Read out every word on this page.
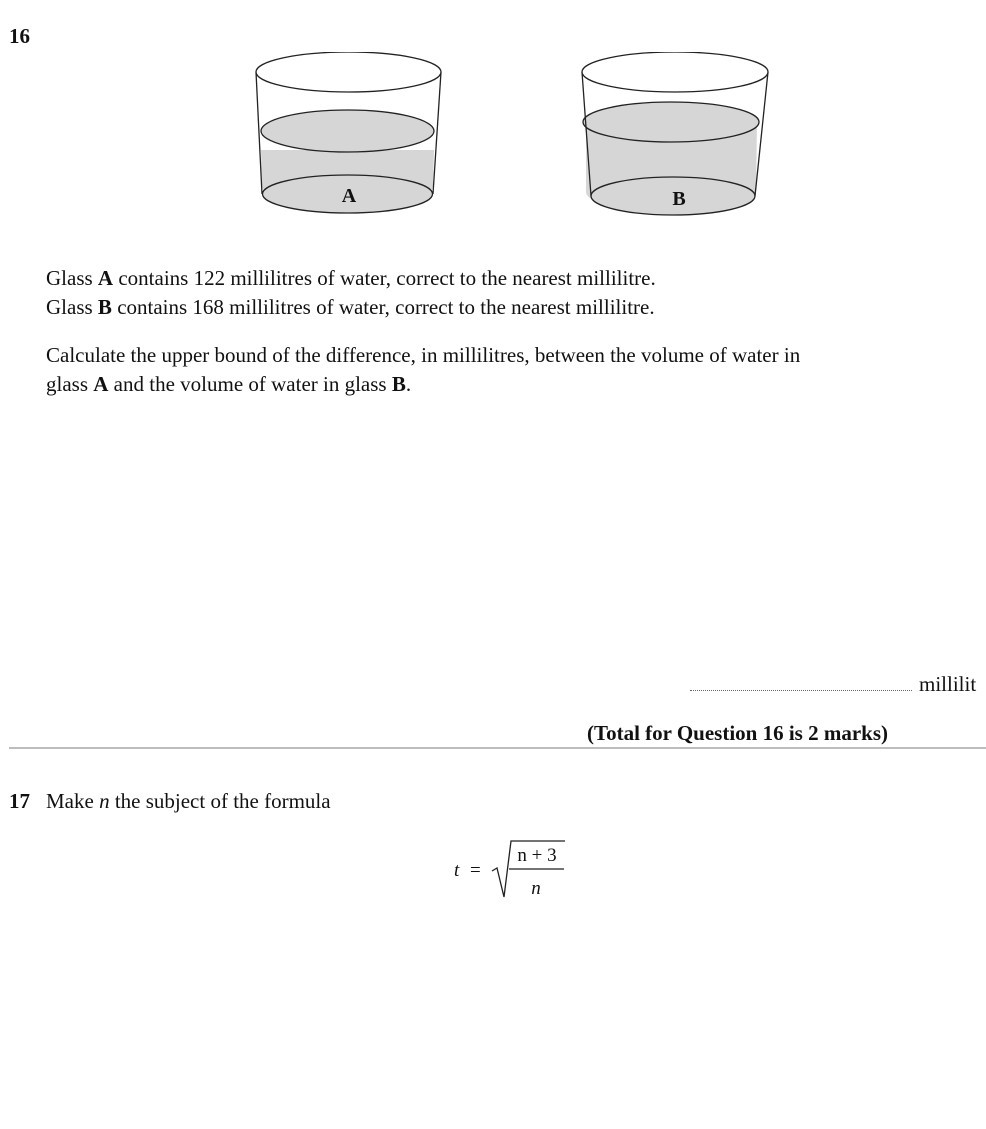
16
A	B
Glass A contains 122 millilitres of water, correct to the nearest millilitre.
Glass B contains 168 millilitres of water, correct to the nearest millilitre.
Calculate the upper bound of the difference, in millilitres, between the volume of water in
glass A and the volume of water in glass B.
millilit
(Total for Question 16 is 2 marks)
17 Make n the subject of the formula
t =
n + 3
n
